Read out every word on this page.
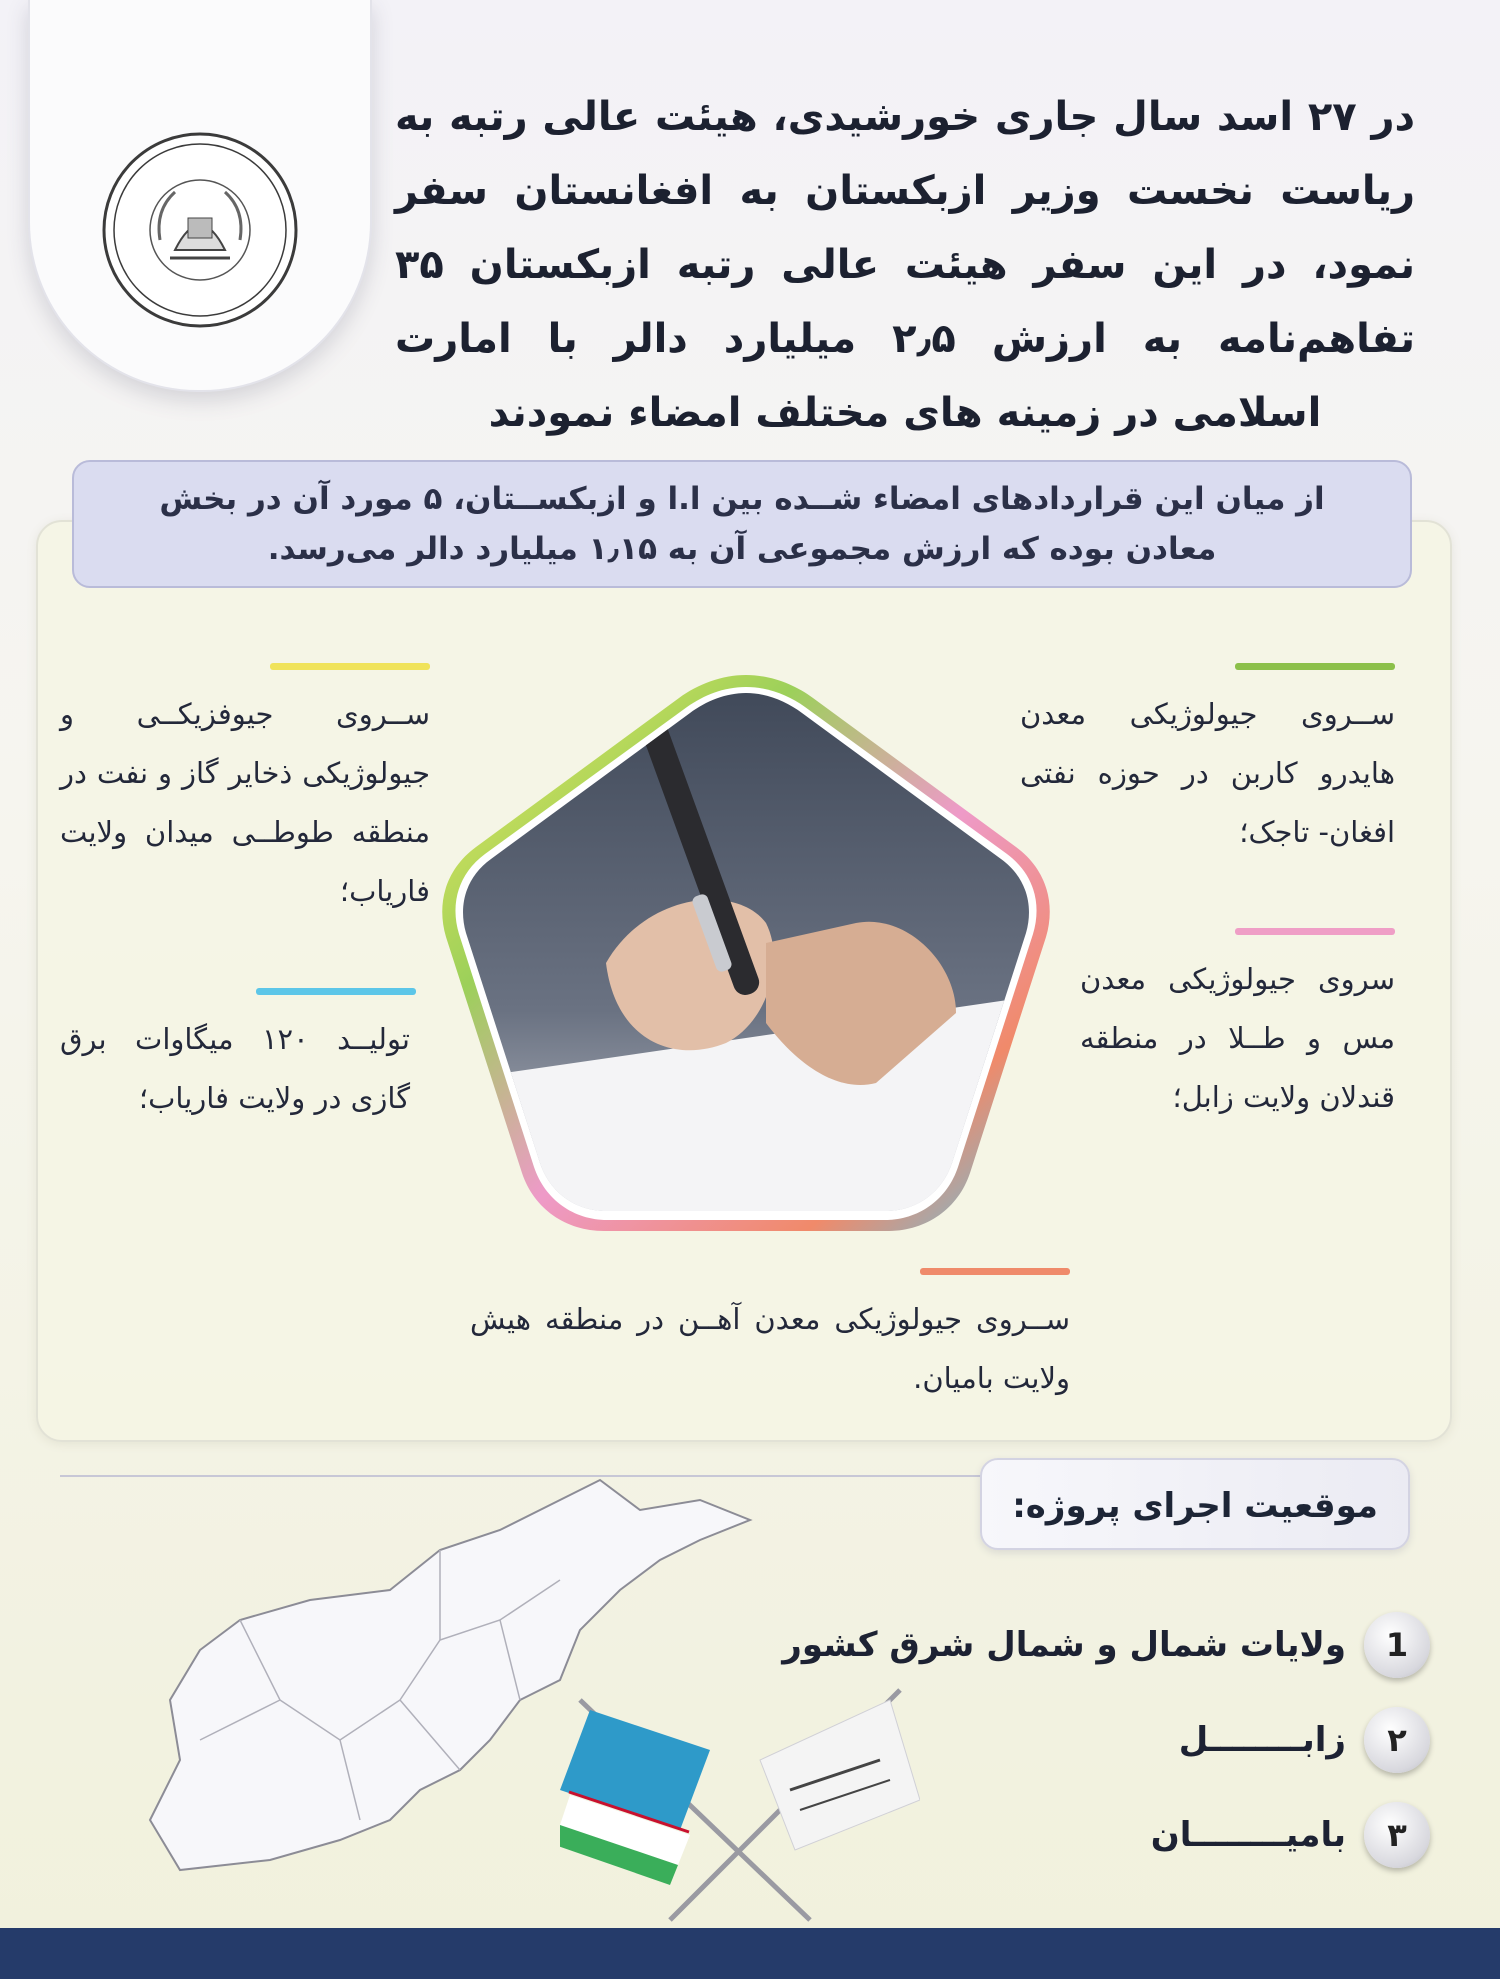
در ۲۷ اسد سال جاری خورشیدی، هیئت عالی رتبه به ریاست نخست وزیر ازبکستان به افغانستان سفر نمود، در این سفر هیئت عالی رتبه ازبکستان ۳۵ تفاهم‌نامه به ارزش ۲٫۵ میلیارد دالر با امارت اسلامی در زمینه های مختلف امضاء نمودند
از میان این قراردادهای امضاء شــده بین ا.ا و ازبکســتان، ۵ مورد آن در بخش معادن بوده که ارزش مجموعی آن به ۱٫۱۵ میلیارد دالر می‌رسد.
ســروی جیوفزیکــی و جیولوژیکی ذخایر گاز و نفت در منطقه طوطــی میدان ولایت فاریاب؛
تولیــد ۱۲۰ میگاوات برق گازی در ولایت فاریاب؛
ســروی جیولوژیکی معدن هایدرو کاربن در حوزه نفتی افغان- تاجک؛
سروی جیولوژیکی معدن مس و طــلا در منطقه قندلان ولایت زابل؛
ســروی جیولوژیکی معدن آهــن در منطقه هیش ولایت بامیان.
موقعیت اجرای پروژه:
1
ولایات شمال و شمال شرق کشور
۲
زابــــــــل
۳
بامیــــــــان
